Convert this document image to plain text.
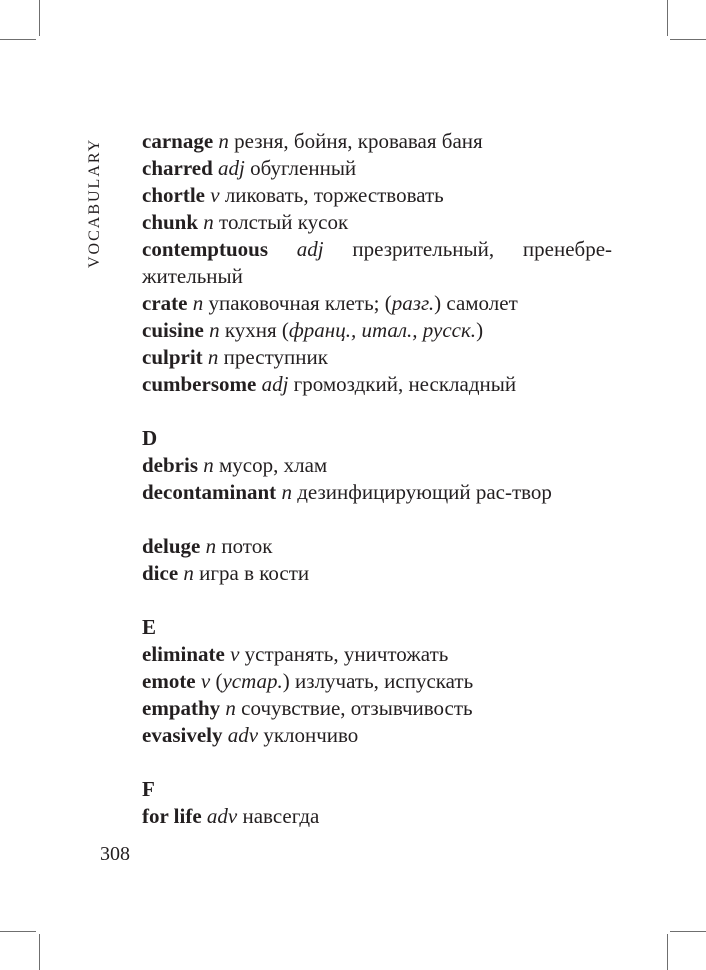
VOCABULARY carnage n резня, бойня, кровавая баня

charred adj обугленный

chortle v ликовать, торжествовать

chunk n толстый кусок

contemptuous adj презрительный, пренебре-жительный

crate n упаковочная клеть; (разг.) самолет

cuisine n кухня (франц., итал., русск.)

culprit n преступник

cumbersome adj громоздкий, нескладный

D

debris n мусор, хлам

decontaminant n дезинфицирующий рас-твор

deluge n поток

dice n игра в кости

E

eliminate v устранять, уничтожать

emote v (устар.) излучать, испускать

empathy n сочувствие, отзывчивость

evasively adv уклончиво

F

for life adv навсегда

308
